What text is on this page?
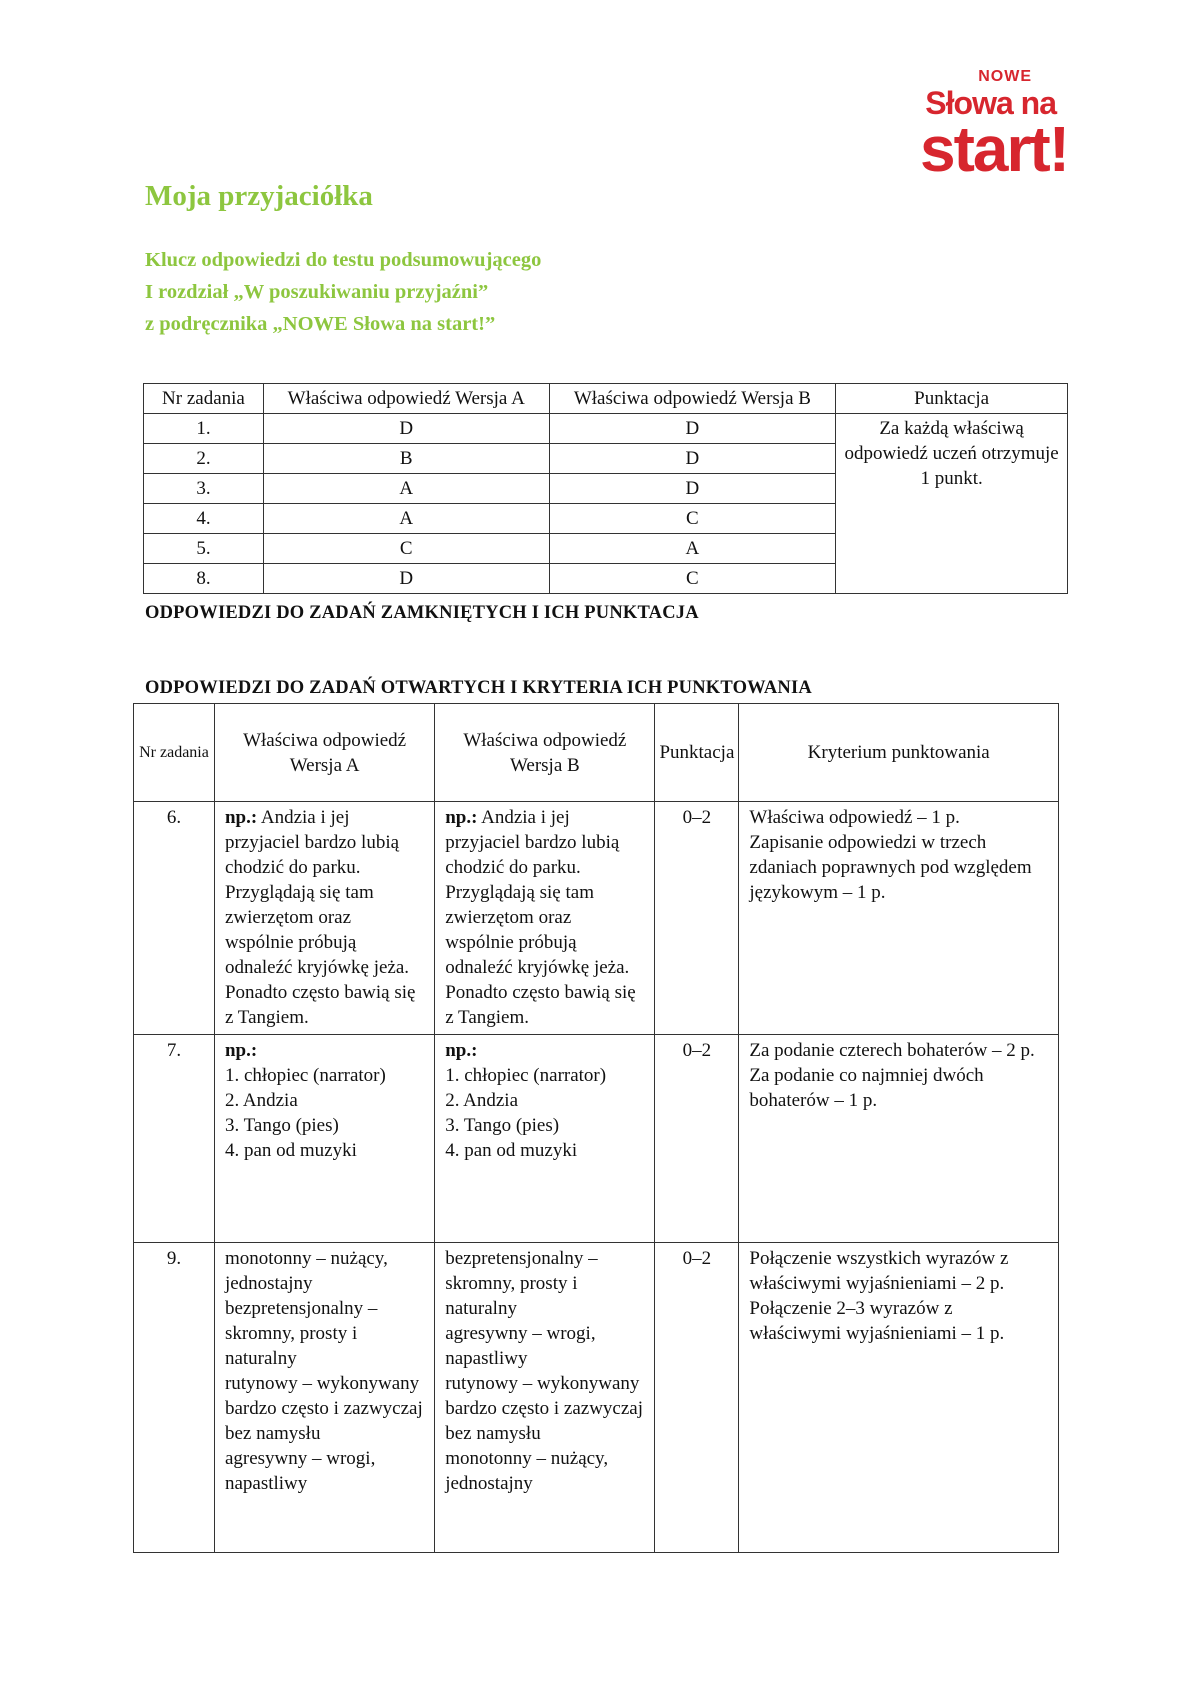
NOWE
Słowa na
start!
Moja przyjaciółka
Klucz odpowiedzi do testu podsumowującego
I rozdział „W poszukiwaniu przyjaźni”
z podręcznika „NOWE Słowa na start!”
Nr zadania	Właściwa odpowiedź Wersja A	Właściwa odpowiedź Wersja B	Punktacja
1.	D	D	Za każdą właściwą odpowiedź uczeń otrzymuje 1 punkt.
2.	B	D	
3.	A	D	
4.	A	C	
5.	C	A	
8.	D	C	

ODPOWIEDZI DO ZADAŃ ZAMKNIĘTYCH I ICH PUNKTACJA

ODPOWIEDZI DO ZADAŃ OTWARTYCH I KRYTERIA ICH PUNKTOWANIA

Nr zadania	Właściwa odpowiedź Wersja A	Właściwa odpowiedź Wersja B	Punktacja	Kryterium punktowania
6.	np.: Andzia i jej przyjaciel bardzo lubią chodzić do parku. Przyglądają się tam zwierzętom oraz wspólnie próbują odnaleźć kryjówkę jeża. Ponadto często bawią się z Tangiem.	np.: Andzia i jej przyjaciel bardzo lubią chodzić do parku. Przyglądają się tam zwierzętom oraz wspólnie próbują odnaleźć kryjówkę jeża. Ponadto często bawią się z Tangiem.	0–2	Właściwa odpowiedź – 1 p.
Zapisanie odpowiedzi w trzech zdaniach poprawnych pod względem językowym – 1 p.

7.	np.:
1. chłopiec (narrator)
2. Andzia
3. Tango (pies)
4. pan od muzyki	np.:
1. chłopiec (narrator)
2. Andzia
3. Tango (pies)
4. pan od muzyki	0–2	Za podanie czterech bohaterów – 2 p.
Za podanie co najmniej dwóch bohaterów – 1 p.

9.	monotonny – nużący, jednostajny
bezpretensjonalny – skromny, prosty i naturalny
rutynowy – wykonywany bardzo często i zazwyczaj bez namysłu
agresywny – wrogi, napastliwy	bezpretensjonalny – skromny, prosty i naturalny
agresywny – wrogi, napastliwy
rutynowy – wykonywany bardzo często i zazwyczaj bez namysłu
monotonny – nużący, jednostajny	0–2	Połączenie wszystkich wyrazów z właściwymi wyjaśnieniami – 2 p.
Połączenie 2–3 wyrazów z właściwymi wyjaśnieniami – 1 p.
